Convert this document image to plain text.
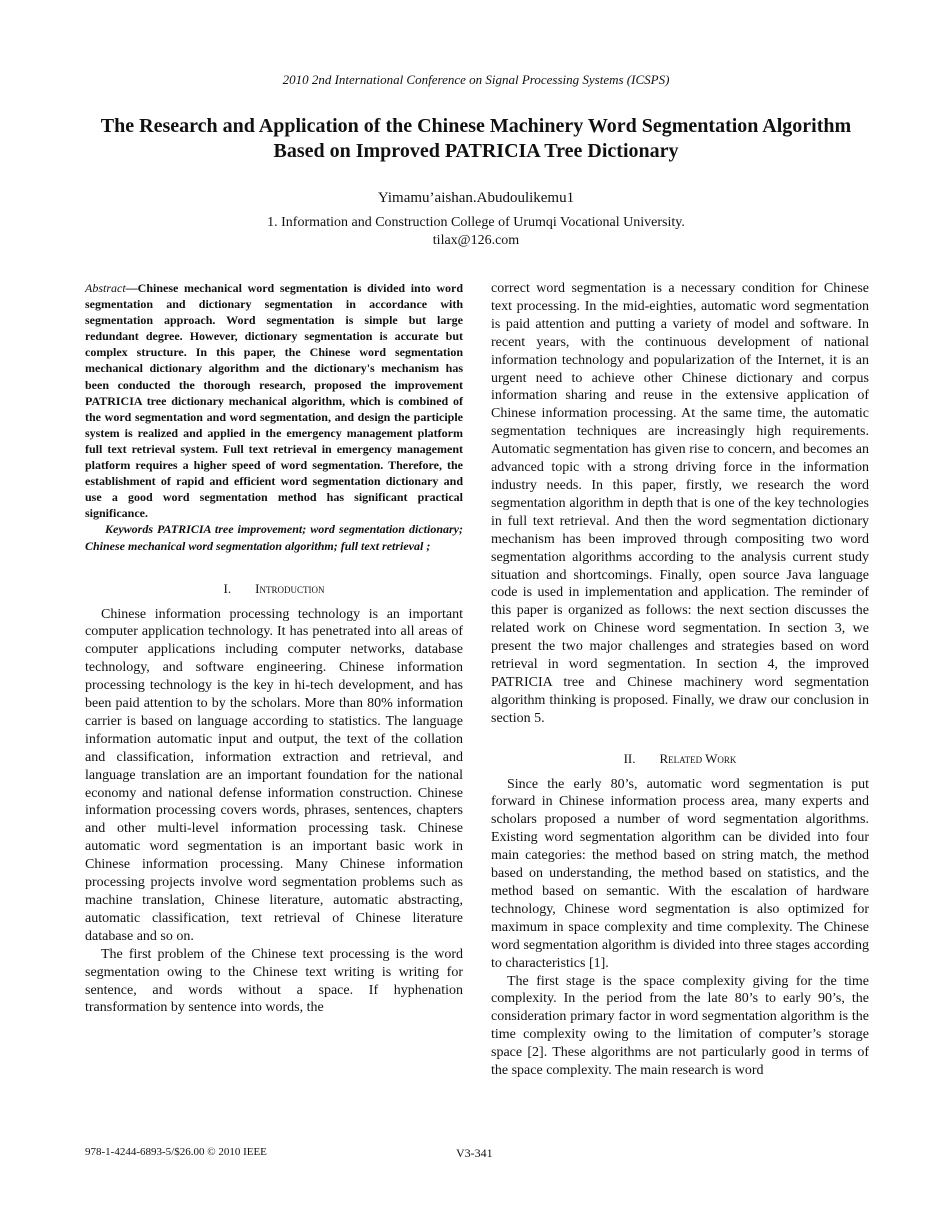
2010 2nd International Conference on Signal Processing Systems (ICSPS)
The Research and Application of the Chinese Machinery Word Segmentation Algorithm Based on Improved PATRICIA Tree Dictionary
Yimamu’aishan.Abudoulikemu1
1. Information and Construction College of Urumqi Vocational University.
tilax@126.com

Abstract—Chinese mechanical word segmentation is divided into word segmentation and dictionary segmentation in accordance with segmentation approach. Word segmentation is simple but large redundant degree. However, dictionary segmentation is accurate but complex structure. In this paper, the Chinese word segmentation mechanical dictionary algorithm and the dictionary's mechanism has been conducted the thorough research, proposed the improvement PATRICIA tree dictionary mechanical algorithm, which is combined of the word segmentation and word segmentation, and design the participle system is realized and applied in the emergency management platform full text retrieval system. Full text retrieval in emergency management platform requires a higher speed of word segmentation. Therefore, the establishment of rapid and efficient word segmentation dictionary and use a good word segmentation method has significant practical significance.

Keywords PATRICIA tree improvement; word segmentation dictionary; Chinese mechanical word segmentation algorithm; full text retrieval ;

I. Introduction

Chinese information processing technology is an important computer application technology. It has penetrated into all areas of computer applications including computer networks, database technology, and software engineering. Chinese information processing technology is the key in hi-tech development, and has been paid attention to by the scholars. More than 80% information carrier is based on language according to statistics. The language information automatic input and output, the text of the collation and classification, information extraction and retrieval, and language translation are an important foundation for the national economy and national defense information construction. Chinese information processing covers words, phrases, sentences, chapters and other multi-level information processing task. Chinese automatic word segmentation is an important basic work in Chinese information processing. Many Chinese information processing projects involve word segmentation problems such as machine translation, Chinese literature, automatic abstracting, automatic classification, text retrieval of Chinese literature database and so on.

The first problem of the Chinese text processing is the word segmentation owing to the Chinese text writing is writing for sentence, and words without a space. If hyphenation transformation by sentence into words, the

correct word segmentation is a necessary condition for Chinese text processing. In the mid-eighties, automatic word segmentation is paid attention and putting a variety of model and software. In recent years, with the continuous development of national information technology and popularization of the Internet, it is an urgent need to achieve other Chinese dictionary and corpus information sharing and reuse in the extensive application of Chinese information processing. At the same time, the automatic segmentation techniques are increasingly high requirements. Automatic segmentation has given rise to concern, and becomes an advanced topic with a strong driving force in the information industry needs. In this paper, firstly, we research the word segmentation algorithm in depth that is one of the key technologies in full text retrieval. And then the word segmentation dictionary mechanism has been improved through compositing two word segmentation algorithms according to the analysis current study situation and shortcomings. Finally, open source Java language code is used in implementation and application. The reminder of this paper is organized as follows: the next section discusses the related work on Chinese word segmentation. In section 3, we present the two major challenges and strategies based on word retrieval in word segmentation. In section 4, the improved PATRICIA tree and Chinese machinery word segmentation algorithm thinking is proposed. Finally, we draw our conclusion in section 5.

II. Related Work

Since the early 80’s, automatic word segmentation is put forward in Chinese information process area, many experts and scholars proposed a number of word segmentation algorithms. Existing word segmentation algorithm can be divided into four main categories: the method based on string match, the method based on understanding, the method based on statistics, and the method based on semantic. With the escalation of hardware technology, Chinese word segmentation is also optimized for maximum in space complexity and time complexity. The Chinese word segmentation algorithm is divided into three stages according to characteristics [1].

The first stage is the space complexity giving for the time complexity. In the period from the late 80’s to early 90’s, the consideration primary factor in word segmentation algorithm is the time complexity owing to the limitation of computer’s storage space [2]. These algorithms are not particularly good in terms of the space complexity. The main research is word

978-1-4244-6893-5/$26.00 © 2010 IEEE	V3-341
